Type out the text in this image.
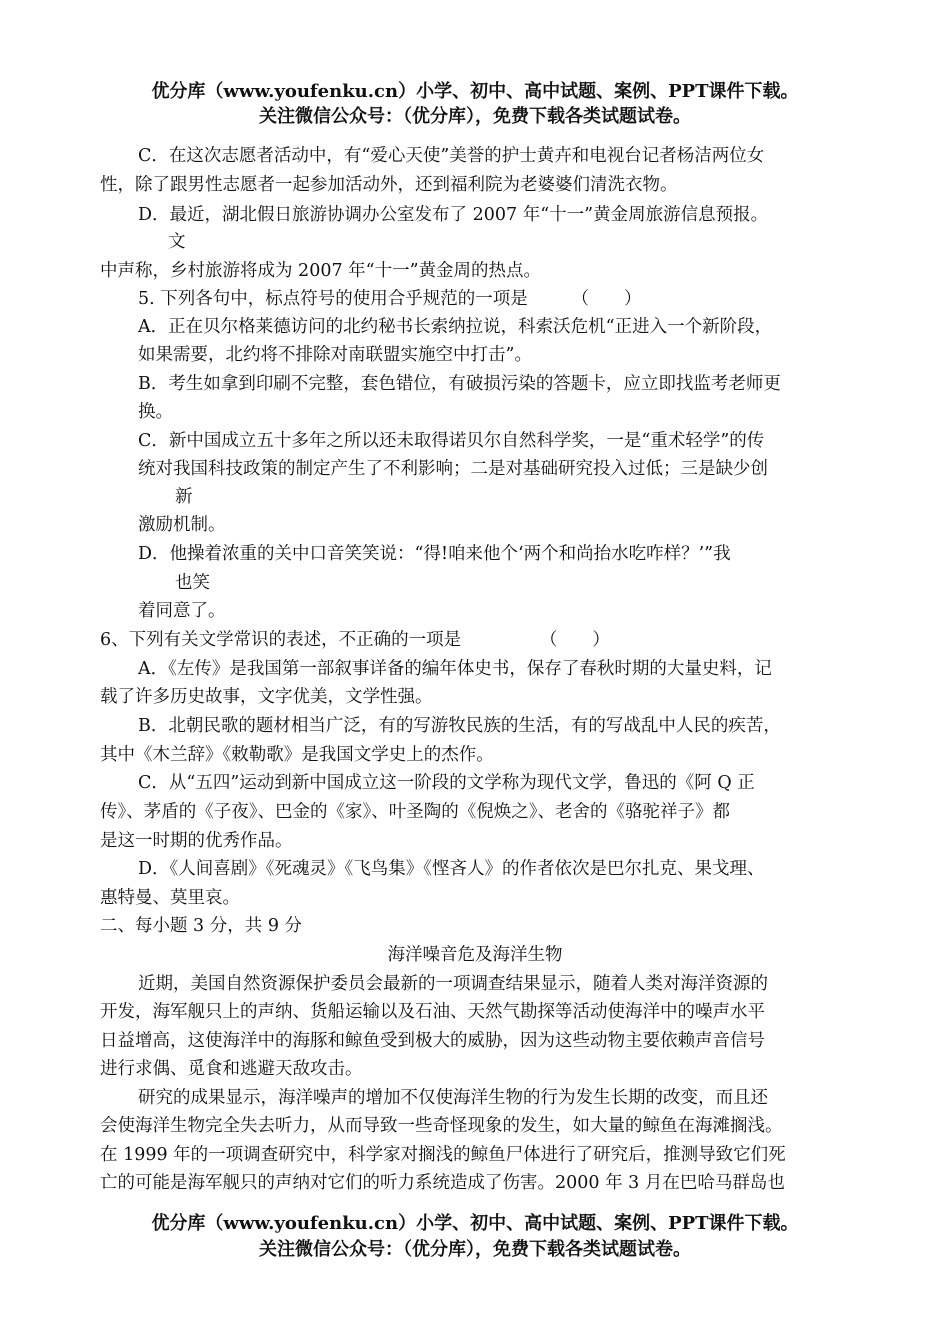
优分库（www.youfenku.cn）小学、初中、高中试题、案例、PPT课件下载。
关注微信公众号：（优分库），免费下载各类试题试卷。
C．在这次志愿者活动中，有“爱心天使”美誉的护士黄卉和电视台记者杨洁两位女
性，除了跟男性志愿者一起参加活动外，还到福利院为老婆婆们清洗衣物。
D．最近，湖北假日旅游协调办公室发布了 2007 年“十一”黄金周旅游信息预报。
文
中声称，乡村旅游将成为 2007 年“十一”黄金周的热点。
5. 下列各句中，标点符号的使用合乎规范的一项是　　　（　　）
A．正在贝尔格莱德访问的北约秘书长索纳拉说，科索沃危机“正进入一个新阶段，
如果需要，北约将不排除对南联盟实施空中打击”。
B．考生如拿到印刷不完整，套色错位，有破损污染的答题卡，应立即找监考老师更
换。
C．新中国成立五十多年之所以还未取得诺贝尔自然科学奖，一是“重术轻学”的传
统对我国科技政策的制定产生了不利影响；二是对基础研究投入过低；三是缺少创
新
激励机制。
D．他操着浓重的关中口音笑笑说：“得!咱来他个‘两个和尚抬水吃咋样？’”我
也笑
着同意了。
6、下列有关文学常识的表述，不正确的一项是　　　　　（　　）
A．《左传》是我国第一部叙事详备的编年体史书，保存了春秋时期的大量史料，记
载了许多历史故事，文字优美，文学性强。
B．北朝民歌的题材相当广泛，有的写游牧民族的生活，有的写战乱中人民的疾苦，
其中《木兰辞》《敕勒歌》是我国文学史上的杰作。
C．从“五四”运动到新中国成立这一阶段的文学称为现代文学，鲁迅的《阿 Q 正
传》、茅盾的《子夜》、巴金的《家》、叶圣陶的《倪焕之》、老舍的《骆驼祥子》都
是这一时期的优秀作品。
D．《人间喜剧》《死魂灵》《飞鸟集》《悭吝人》的作者依次是巴尔扎克、果戈理、
惠特曼、莫里哀。
二、每小题 3 分，共 9 分
海洋噪音危及海洋生物
近期，美国自然资源保护委员会最新的一项调查结果显示，随着人类对海洋资源的
开发，海军舰只上的声纳、货船运输以及石油、天然气勘探等活动使海洋中的噪声水平
日益增高，这使海洋中的海豚和鲸鱼受到极大的威胁，因为这些动物主要依赖声音信号
进行求偶、觅食和逃避天敌攻击。
研究的成果显示，海洋噪声的增加不仅使海洋生物的行为发生长期的改变，而且还
会使海洋生物完全失去听力，从而导致一些奇怪现象的发生，如大量的鲸鱼在海滩搁浅。
在 1999 年的一项调查研究中，科学家对搁浅的鲸鱼尸体进行了研究后，推测导致它们死
亡的可能是海军舰只的声纳对它们的听力系统造成了伤害。2000 年 3 月在巴哈马群岛也
优分库（www.youfenku.cn）小学、初中、高中试题、案例、PPT课件下载。
关注微信公众号：（优分库），免费下载各类试题试卷。
